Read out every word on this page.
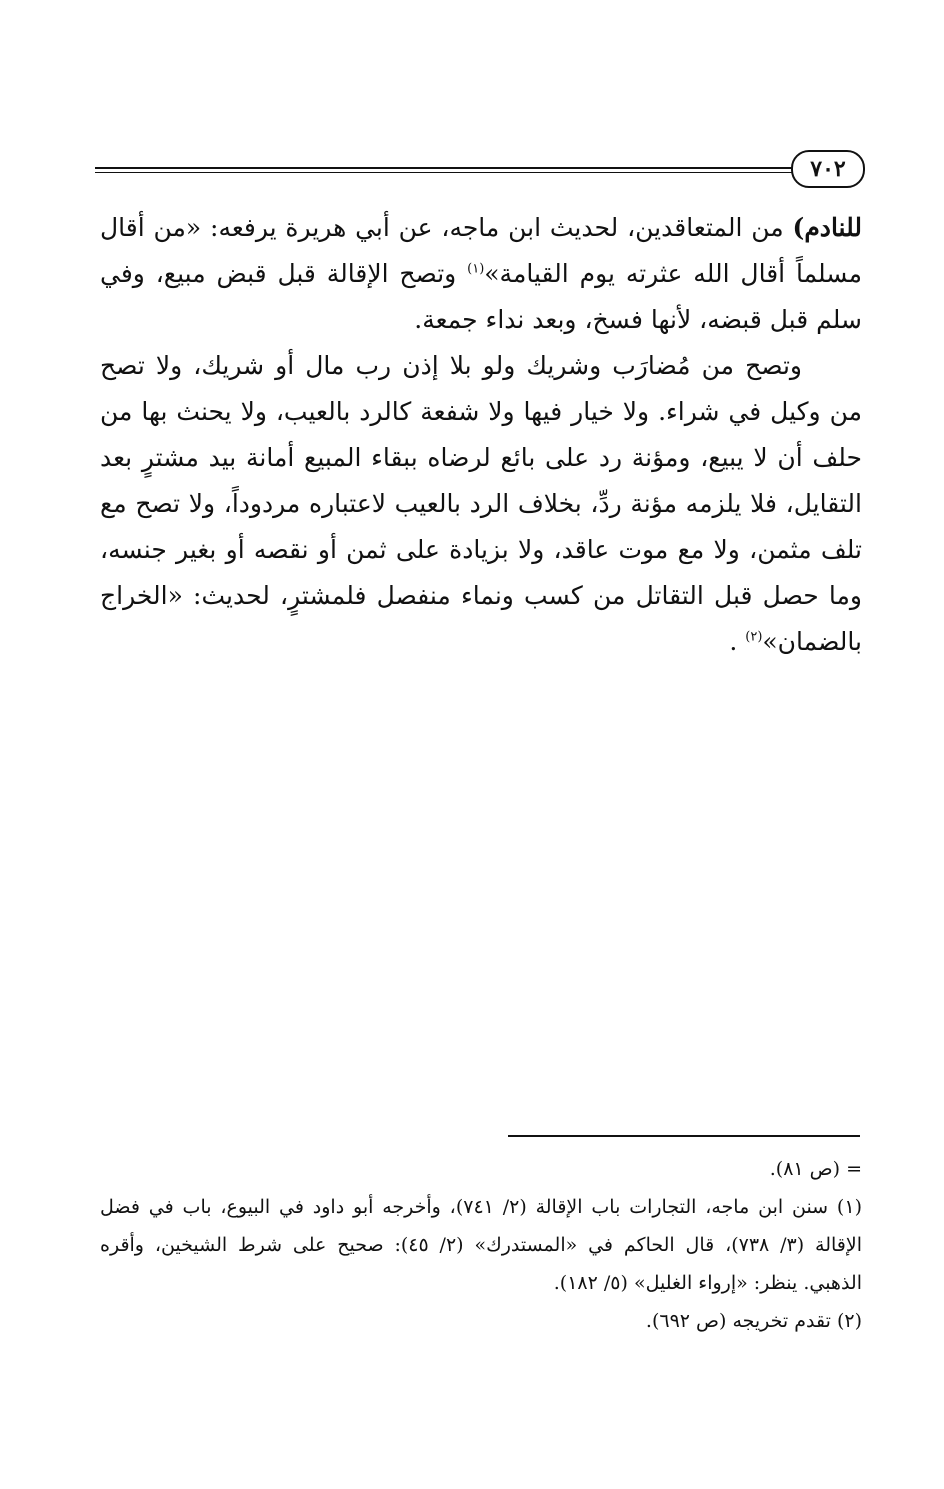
٧٠٢

للنادم) من المتعاقدين، لحديث ابن ماجه، عن أبي هريرة يرفعه: «من أقال مسلماً أقال الله عثرته يوم القيامة»$^{(١)}$ وتصح الإقالة قبل قبض مبيع، وفي سلم قبل قبضه، لأنها فسخ، وبعد نداء جمعة.

وتصح من مُضارَب وشريك ولو بلا إذن رب مال أو شريك، ولا تصح من وكيل في شراء. ولا خيار فيها ولا شفعة كالرد بالعيب، ولا يحنث بها من حلف أن لا يبيع، ومؤنة رد على بائع لرضاه ببقاء المبيع أمانة بيد مشترٍ بعد التقايل، فلا يلزمه مؤنة ردِّ، بخلاف الرد بالعيب لاعتباره مردوداً، ولا تصح مع تلف مثمن، ولا مع موت عاقد، ولا بزيادة على ثمن أو نقصه أو بغير جنسه، وما حصل قبل التقاتل من كسب ونماء منفصل فلمشترٍ، لحديث: «الخراج بالضمان»$^{(٢)}$ .

= (ص ٨١).

(١) سنن ابن ماجه، التجارات باب الإقالة (٢/ ٧٤١)، وأخرجه أبو داود في البيوع، باب في فضل الإقالة (٣/ ٧٣٨)، قال الحاكم في «المستدرك» (٢/ ٤٥): صحيح على شرط الشيخين، وأقره الذهبي. ينظر: «إرواء الغليل» (٥/ ١٨٢).

(٢) تقدم تخريجه (ص ٦٩٢).
